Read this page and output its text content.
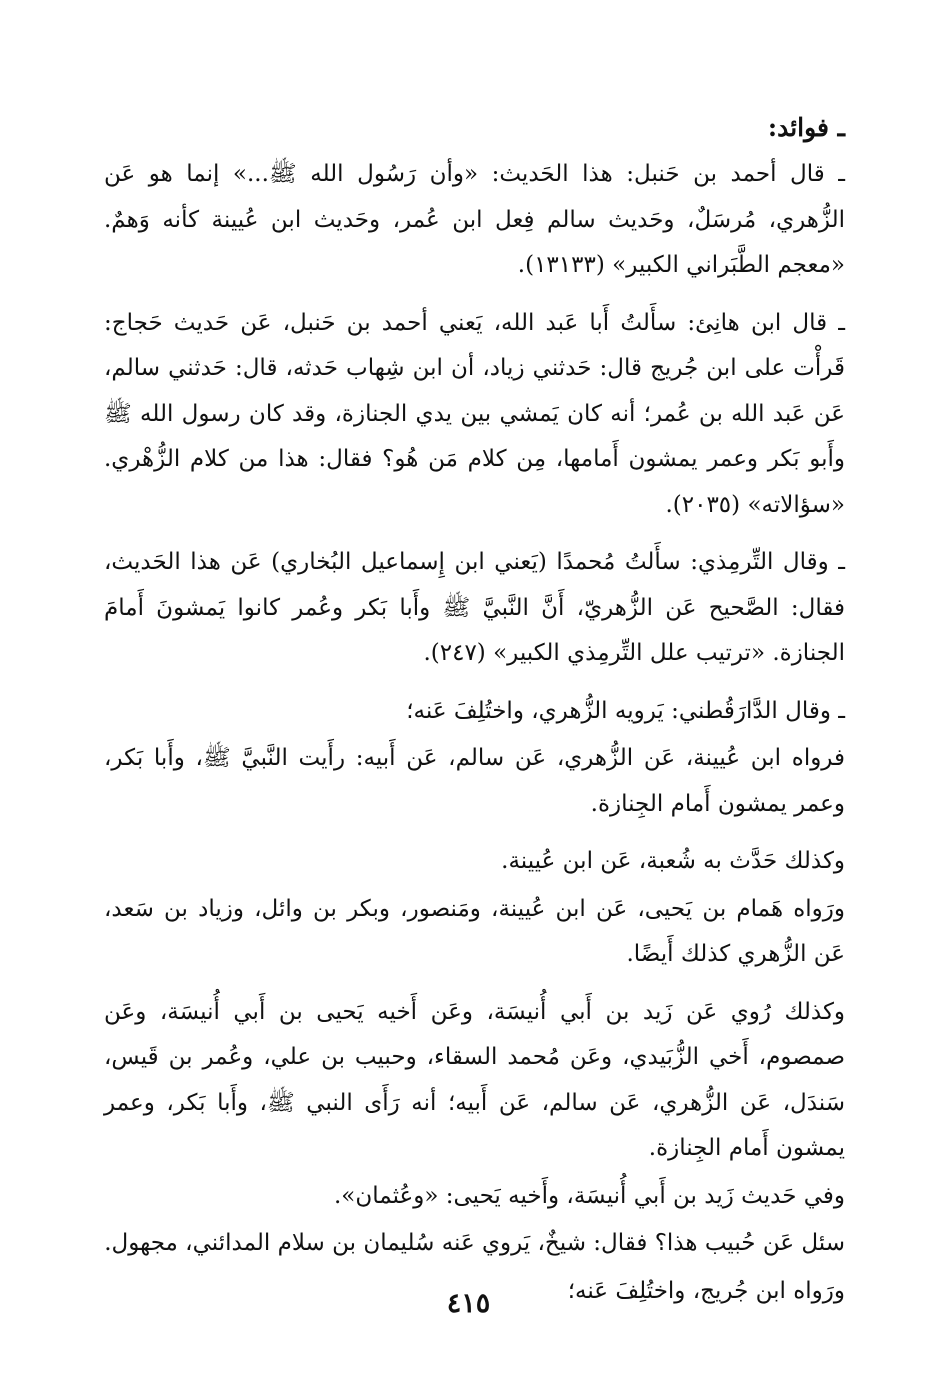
ـ فوائد:

ـ قال أحمد بن حَنبل: هذا الحَديث: «وأن رَسُول الله ﷺ...» إنما هو عَن الزُّهري، مُرسَلٌ، وحَديث سالم فِعل ابن عُمر، وحَديث ابن عُيينة كأنه وَهمٌ. «معجم الطَّبَراني الكبير» (١٣١٣٣).

ـ قال ابن هانِئ: سأَلتُ أَبا عَبد الله، يَعني أحمد بن حَنبل، عَن حَديث حَجاج: قَرأْت على ابن جُريج قال: حَدثني زياد، أن ابن شِهاب حَدثه، قال: حَدثني سالم، عَن عَبد الله بن عُمر؛ أنه كان يَمشي بين يدي الجنازة، وقد كان رسول الله ﷺ وأَبو بَكر وعمر يمشون أَمامها، مِن كلام مَن هُو؟ فقال: هذا من كلام الزُّهْري. «سؤالاته» (٢٠٣٥).

ـ وقال التِّرمِذي: سأَلتُ مُحمدًا (يَعني ابن إِسماعيل البُخاري) عَن هذا الحَديث، فقال: الصَّحيح عَن الزُّهريّ، أَنَّ النَّبيَّ ﷺ وأَبا بَكر وعُمر كانوا يَمشونَ أَمامَ الجنازة. «ترتيب علل التِّرمِذي الكبير» (٢٤٧).

ـ وقال الدَّارَقُطني: يَرويه الزُّهري، واختُلِفَ عَنه؛

فرواه ابن عُيينة، عَن الزُّهري، عَن سالم، عَن أَبيه: رأَيت النَّبيَّ ﷺ، وأَبا بَكر، وعمر يمشون أَمام الجِنازة.

وكذلك حَدَّث به شُعبة، عَن ابن عُيينة.

ورَواه هَمام بن يَحيى، عَن ابن عُيينة، ومَنصور، وبكر بن وائل، وزياد بن سَعد، عَن الزُّهري كذلك أَيضًا.

وكذلك رُوي عَن زَيد بن أَبي أُنيسَة، وعَن أَخيه يَحيى بن أَبي أُنيسَة، وعَن صمصوم، أَخي الزُّبَيدي، وعَن مُحمد السقاء، وحبيب بن علي، وعُمر بن قَيس، سَندَل، عَن الزُّهري، عَن سالم، عَن أَبيه؛ أنه رَأَى النبي ﷺ، وأَبا بَكر، وعمر يمشون أَمام الجِنازة.

وفي حَديث زَيد بن أَبي أُنيسَة، وأَخيه يَحيى: «وعُثمان».

سئل عَن حُبيب هذا؟ فقال: شيخٌ، يَروي عَنه سُليمان بن سلام المدائني، مجهول.

ورَواه ابن جُريج، واختُلِفَ عَنه؛

٤١٥
